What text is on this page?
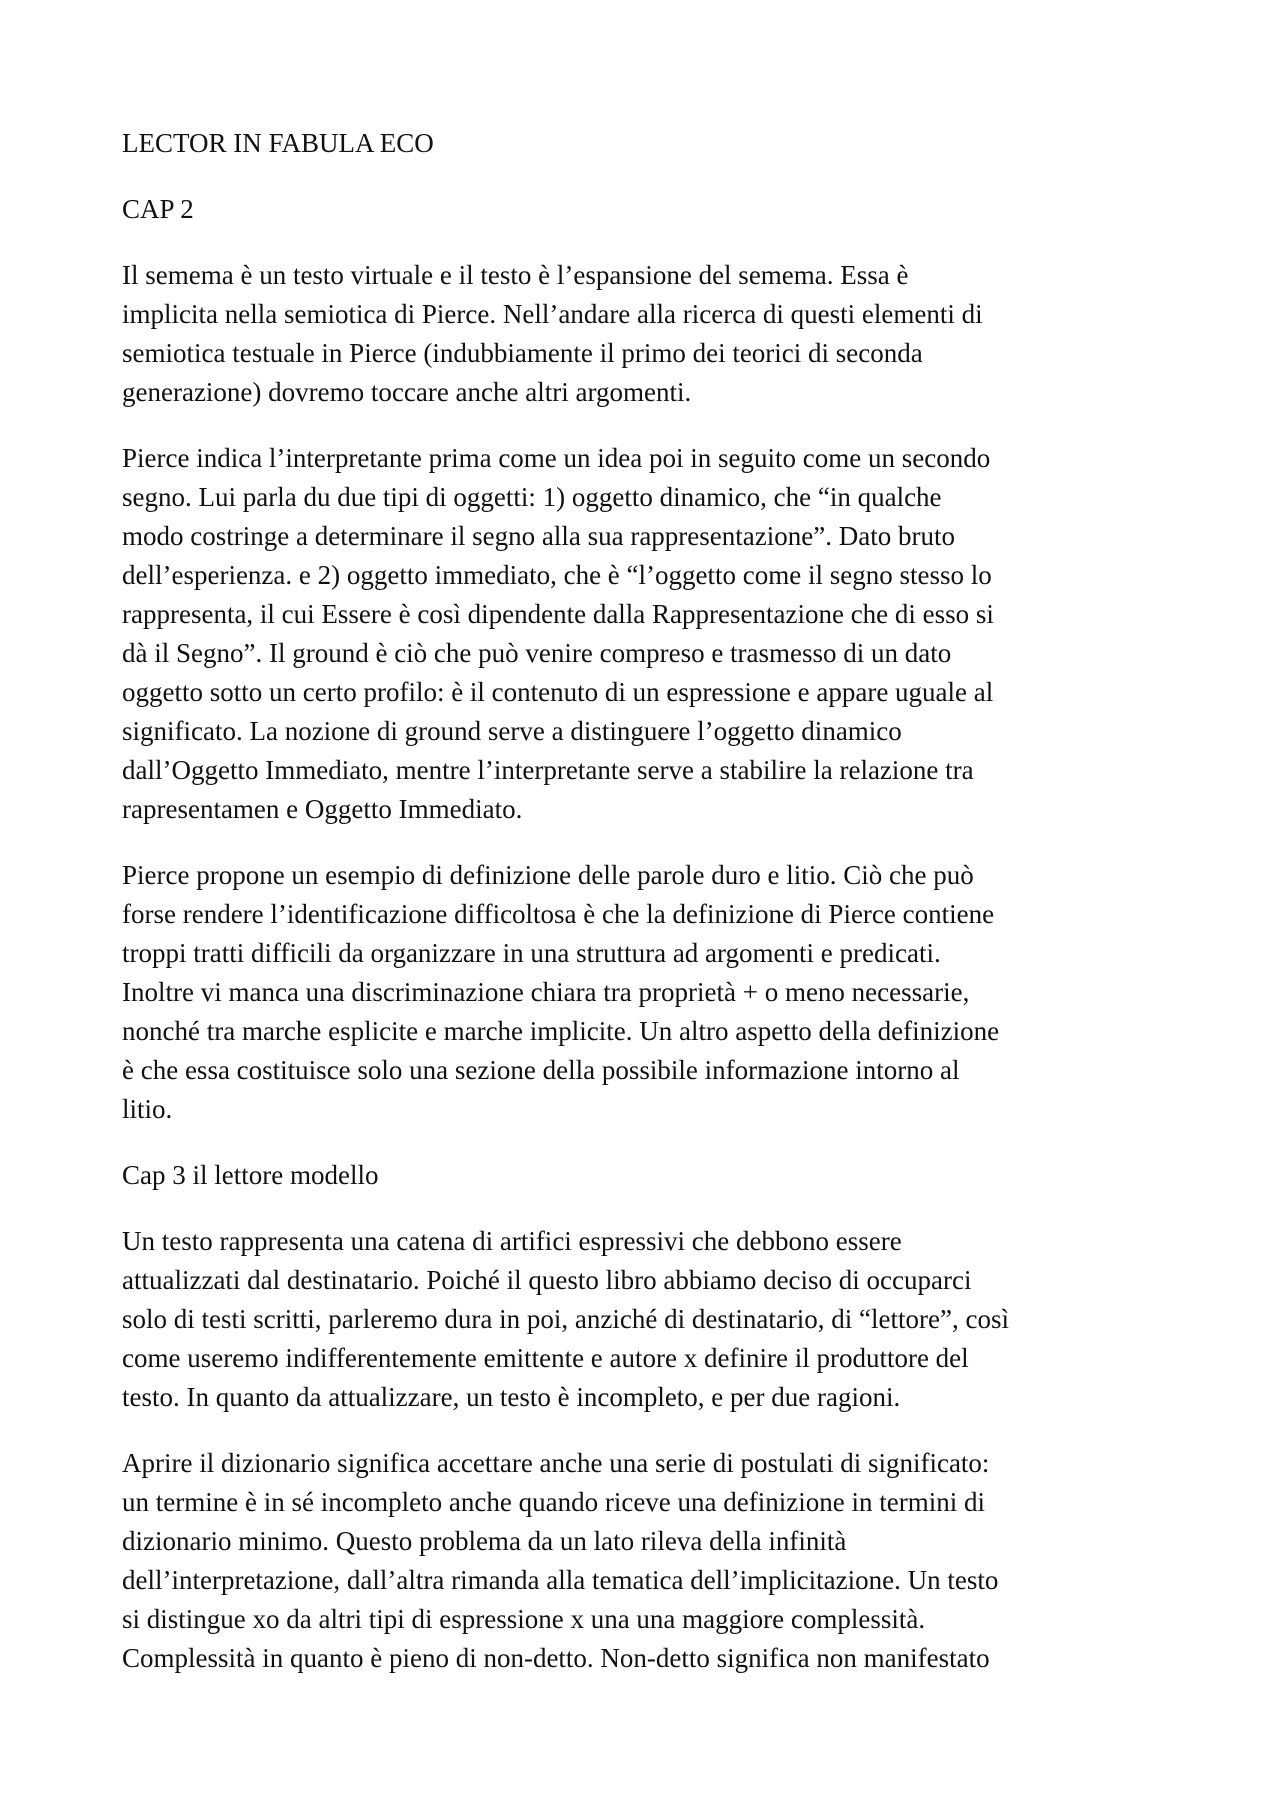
LECTOR IN FABULA ECO
CAP 2

Il semema è un testo virtuale e il testo è l’espansione del semema. Essa è
implicita nella semiotica di Pierce. Nell’andare alla ricerca di questi elementi di
semiotica testuale in Pierce (indubbiamente il primo dei teorici di seconda
generazione) dovremo toccare anche altri argomenti.

Pierce indica l’interpretante prima come un idea poi in seguito come un secondo
segno. Lui parla du due tipi di oggetti: 1) oggetto dinamico, che “in qualche
modo costringe a determinare il segno alla sua rappresentazione”. Dato bruto
dell’esperienza. e 2) oggetto immediato, che è “l’oggetto come il segno stesso lo
rappresenta, il cui Essere è così dipendente dalla Rappresentazione che di esso si
dà il Segno”. Il ground è ciò che può venire compreso e trasmesso di un dato
oggetto sotto un certo profilo: è il contenuto di un espressione e appare uguale al
significato. La nozione di ground serve a distinguere l’oggetto dinamico
dall’Oggetto Immediato, mentre l’interpretante serve a stabilire la relazione tra
rapresentamen e Oggetto Immediato.

Pierce propone un esempio di definizione delle parole duro e litio. Ciò che può
forse rendere l’identificazione difficoltosa è che la definizione di Pierce contiene
troppi tratti difficili da organizzare in una struttura ad argomenti e predicati.
Inoltre vi manca una discriminazione chiara tra proprietà + o meno necessarie,
nonché tra marche esplicite e marche implicite. Un altro aspetto della definizione
è che essa costituisce solo una sezione della possibile informazione intorno al
litio.

Cap 3 il lettore modello

Un testo rappresenta una catena di artifici espressivi che debbono essere
attualizzati dal destinatario. Poiché il questo libro abbiamo deciso di occuparci
solo di testi scritti, parleremo dura in poi, anziché di destinatario, di “lettore”, così
come useremo indifferentemente emittente e autore x definire il produttore del
testo. In quanto da attualizzare, un testo è incompleto, e per due ragioni.

Aprire il dizionario significa accettare anche una serie di postulati di significato:
un termine è in sé incompleto anche quando riceve una definizione in termini di
dizionario minimo. Questo problema da un lato rileva della infinità
dell’interpretazione, dall’altra rimanda alla tematica dell’implicitazione. Un testo
si distingue xo da altri tipi di espressione x una una maggiore complessità.
Complessità in quanto è pieno di non-detto. Non-detto significa non manifestato
